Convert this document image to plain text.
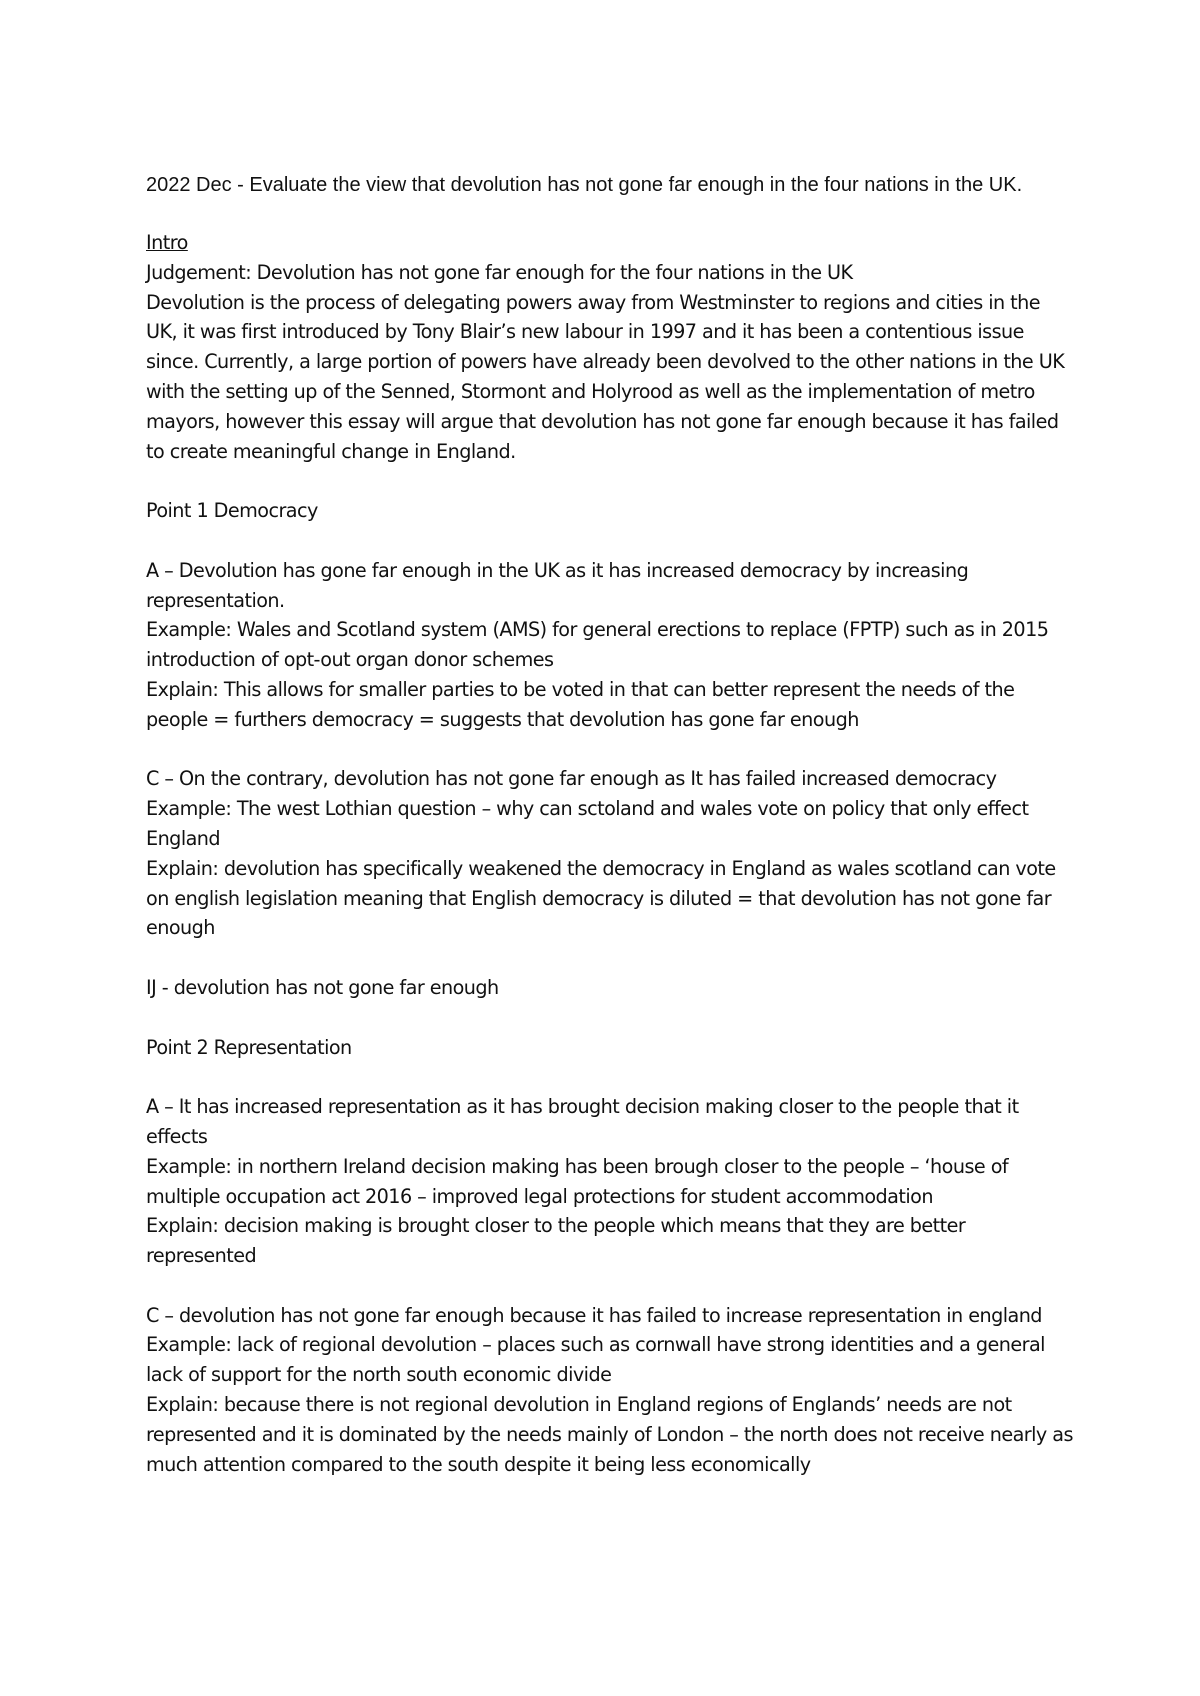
2022 Dec - Evaluate the view that devolution has not gone far enough in the four nations in the UK.

Intro

Judgement: Devolution has not gone far enough for the four nations in the UK

Devolution is the process of delegating powers away from Westminster to regions and cities in the UK, it was first introduced by Tony Blair’s new labour in 1997 and it has been a contentious issue since. Currently, a large portion of powers have already been devolved to the other nations in the UK with the setting up of the Senned, Stormont and Holyrood as well as the implementation of metro mayors, however this essay will argue that devolution has not gone far enough because it has failed to create meaningful change in England.

Point 1 Democracy

A – Devolution has gone far enough in the UK as it has increased democracy by increasing representation.

Example: Wales and Scotland system (AMS) for general erections to replace (FPTP) such as in 2015 introduction of opt-out organ donor schemes

Explain: This allows for smaller parties to be voted in that can better represent the needs of the people = furthers democracy = suggests that devolution has gone far enough

C – On the contrary, devolution has not gone far enough as It has failed increased democracy

Example: The west Lothian question – why can sctoland and wales vote on policy that only effect England

Explain: devolution has specifically weakened the democracy in England as wales scotland can vote on english legislation meaning that English democracy is diluted = that devolution has not gone far enough

IJ - devolution has not gone far enough

Point 2 Representation

A – It has increased representation as it has brought decision making closer to the people that it effects

Example: in northern Ireland decision making has been brough closer to the people – ‘house of multiple occupation act 2016 – improved legal protections for student accommodation

Explain: decision making is brought closer to the people which means that they are better represented

C – devolution has not gone far enough because it has failed to increase representation in england

Example: lack of regional devolution – places such as cornwall have strong identities and a general lack of support for the north south economic divide

Explain: because there is not regional devolution in England regions of Englands’ needs are not represented and it is dominated by the needs mainly of London – the north does not receive nearly as much attention compared to the south despite it being less economically
